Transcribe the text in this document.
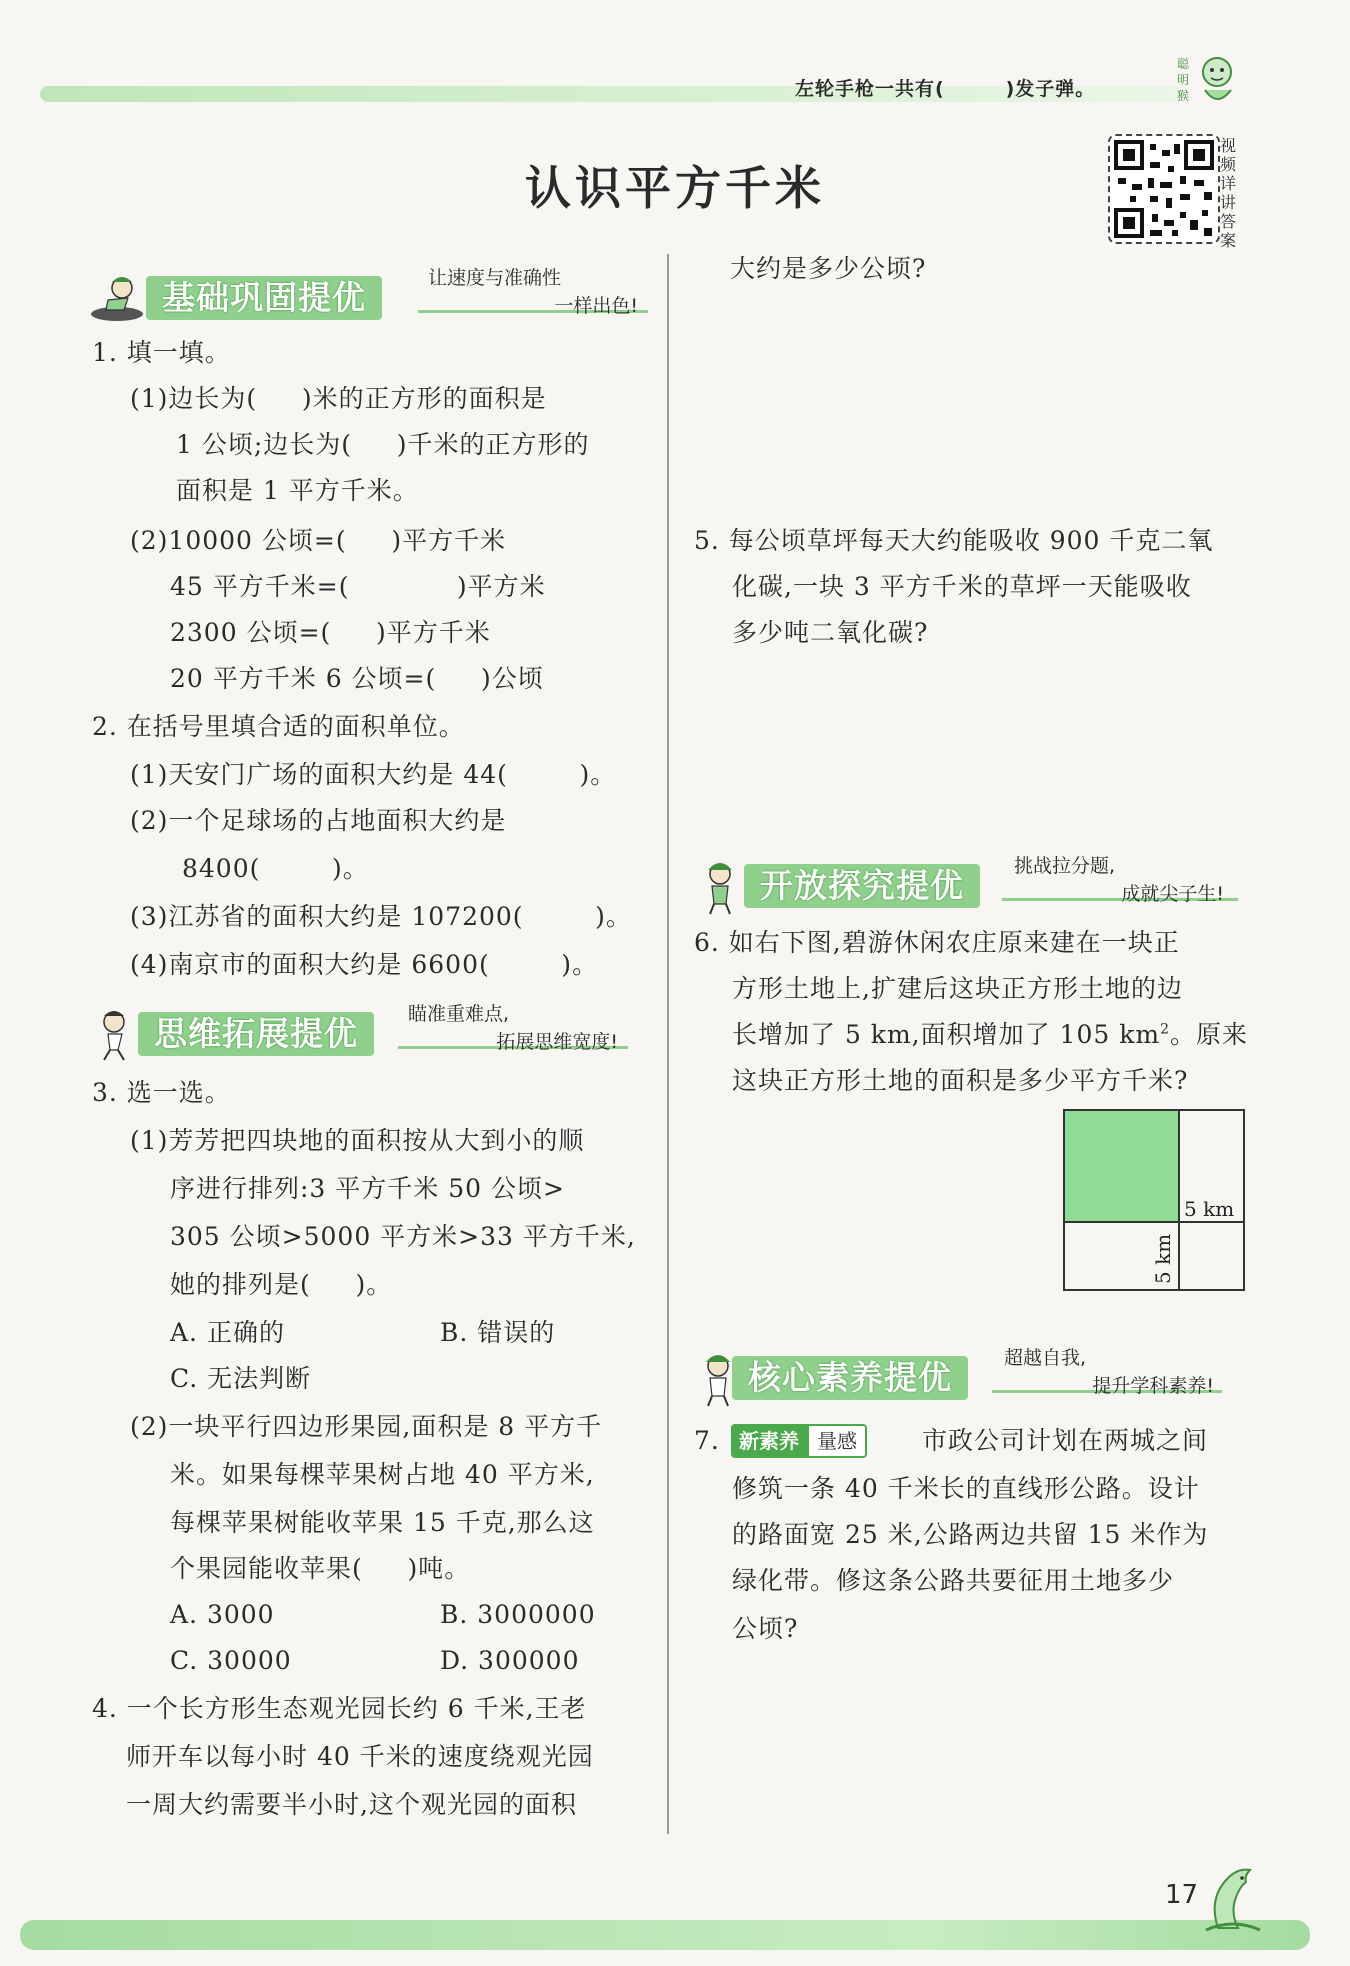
左轮手枪一共有(        )发子弹。
聪
明
猴
认识平方千米
视频详讲答案
基础巩固提优	让速度与准确性
一样出色!
1. 填一填。
(1)边长为(     )米的正方形的面积是
1 公顷;边长为(     )千米的正方形的
面积是 1 平方千米。
(2)10000 公顷=(     )平方千米
45 平方千米=(            )平方米
2300 公顷=(     )平方千米
20 平方千米 6 公顷=(     )公顷
2. 在括号里填合适的面积单位。
(1)天安门广场的面积大约是 44(        )。
(2)一个足球场的占地面积大约是
8400(        )。
(3)江苏省的面积大约是 107200(        )。
(4)南京市的面积大约是 6600(        )。
思维拓展提优	瞄准重难点,
拓展思维宽度!
3. 选一选。
(1)芳芳把四块地的面积按从大到小的顺
序进行排列:3 平方千米 50 公顷>
305 公顷>5000 平方米>33 平方千米,
她的排列是(     )。
A. 正确的	B. 错误的
C. 无法判断
(2)一块平行四边形果园,面积是 8 平方千
米。如果每棵苹果树占地 40 平方米,
每棵苹果树能收苹果 15 千克,那么这
个果园能收苹果(     )吨。
A. 3000	B. 3000000
C. 30000	D. 300000
4. 一个长方形生态观光园长约 6 千米,王老
师开车以每小时 40 千米的速度绕观光园
一周大约需要半小时,这个观光园的面积
大约是多少公顷?
5. 每公顷草坪每天大约能吸收 900 千克二氧
化碳,一块 3 平方千米的草坪一天能吸收
多少吨二氧化碳?
开放探究提优	挑战拉分题,
成就尖子生!
6. 如右下图,碧游休闲农庄原来建在一块正
方形土地上,扩建后这块正方形土地的边
长增加了 5 km,面积增加了 105 $km^2$。原来
这块正方形土地的面积是多少平方千米?
5 km
5 km
核心素养提优	超越自我,
提升学科素养!
7. 新素养 量感	市政公司计划在两城之间
修筑一条 40 千米长的直线形公路。设计
的路面宽 25 米,公路两边共留 15 米作为
绿化带。修这条公路共要征用土地多少
公顷?
17
